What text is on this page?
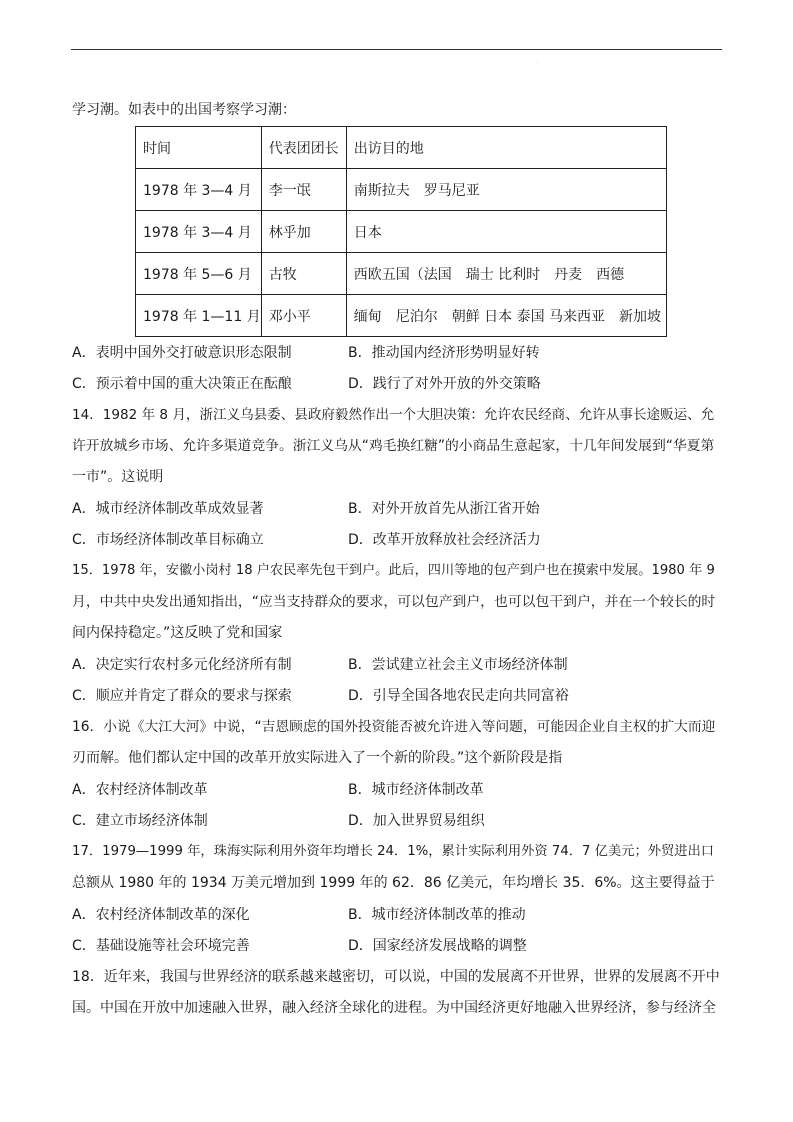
.
学习潮。如表中的出国考察学习潮：
时间	代表团团长	出访目的地
1978 年 3—4 月	李一氓	南斯拉夫　罗马尼亚
1978 年 3—4 月	林乎加	日本
1978 年 5—6 月	古牧	西欧五国（法国　瑞士 比利时　丹麦　西德
1978 年 1—11 月	邓小平	缅甸　尼泊尔　朝鲜 日本 泰国 马来西亚　新加坡
A．表明中国外交打破意识形态限制	B．推动国内经济形势明显好转
C．预示着中国的重大决策正在酝酿	D．践行了对外开放的外交策略
14．1982 年 8 月，浙江义乌县委、县政府毅然作出一个大胆决策：允许农民经商、允许从事长途贩运、允
许开放城乡市场、允许多渠道竞争。浙江义乌从“鸡毛换红糖”的小商品生意起家，十几年间发展到“华夏第
一市”。这说明
A．城市经济体制改革成效显著	B．对外开放首先从浙江省开始
C．市场经济体制改革目标确立	D．改革开放释放社会经济活力
15．1978 年，安徽小岗村 18 户农民率先包干到户。此后，四川等地的包产到户也在摸索中发展。1980 年 9
月，中共中央发出通知指出，“应当支持群众的要求，可以包产到户，也可以包干到户，并在一个较长的时
间内保持稳定。”这反映了党和国家
A．决定实行农村多元化经济所有制	B．尝试建立社会主义市场经济体制
C．顺应并肯定了群众的要求与探索	D．引导全国各地农民走向共同富裕
16．小说《大江大河》中说，“吉恩顾虑的国外投资能否被允许进入等问题，可能因企业自主权的扩大而迎
刃而解。他们都认定中国的改革开放实际进入了一个新的阶段。”这个新阶段是指
A．农村经济体制改革	B．城市经济体制改革
C．建立市场经济体制	D．加入世界贸易组织
17．1979—1999 年，珠海实际利用外资年均增长 24．1%，累计实际利用外资 74．7 亿美元；外贸进出口
总额从 1980 年的 1934 万美元增加到 1999 年的 62．86 亿美元，年均增长 35．6%。这主要得益于
A．农村经济体制改革的深化	B．城市经济体制改革的推动
C．基础设施等社会环境完善	D．国家经济发展战略的调整
18．近年来，我国与世界经济的联系越来越密切，可以说，中国的发展离不开世界，世界的发展离不开中
国。中国在开放中加速融入世界，融入经济全球化的进程。为中国经济更好地融入世界经济，参与经济全
